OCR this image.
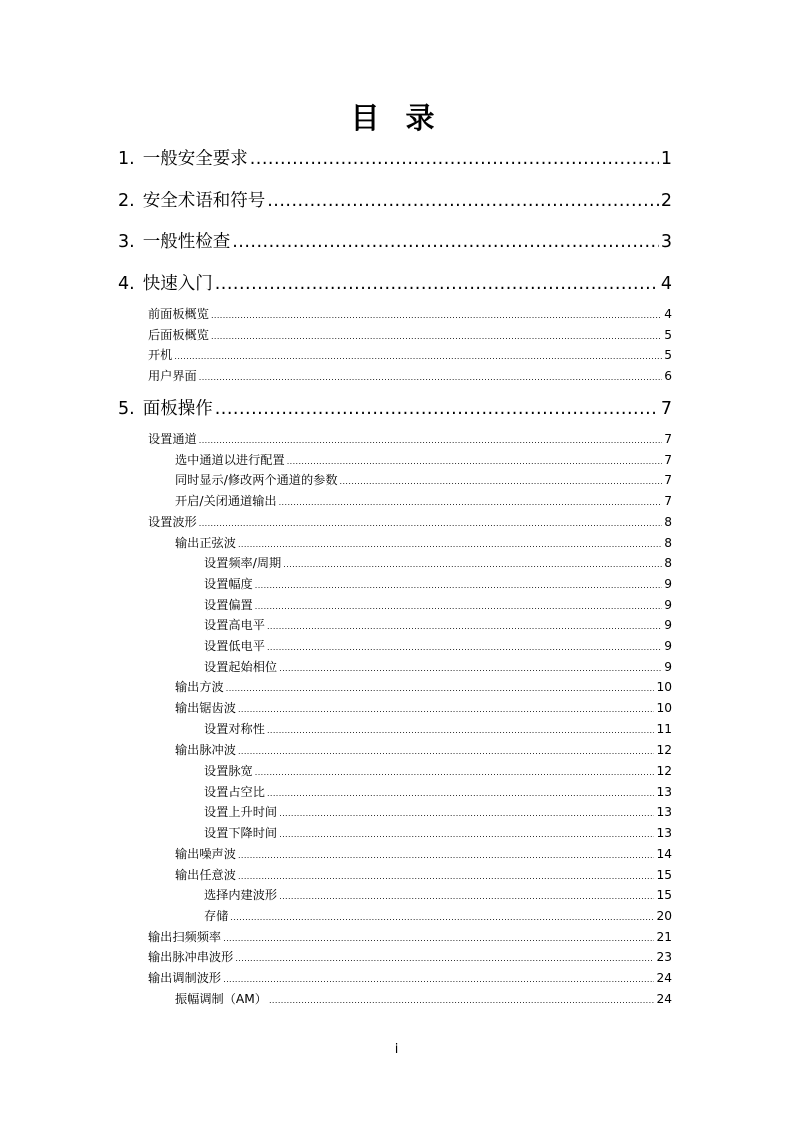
目 录
1. 一般安全要求 .....	1
2. 安全术语和符号 .....	2
3. 一般性检查 .....	3
4. 快速入门 .....	4
前面板概览 .....	4
后面板概览 .....	5
开机 .....	5
用户界面 .....	6
5. 面板操作 .....	7
设置通道 .....	7
选中通道以进行配置 .....	7
同时显示/修改两个通道的参数 .....	7
开启/关闭通道输出 .....	7
设置波形 .....	8
输出正弦波 .....	8
设置频率/周期 .....	8
设置幅度 .....	9
设置偏置 .....	9
设置高电平 .....	9
设置低电平 .....	9
设置起始相位 .....	9
输出方波 .....	10
输出锯齿波 .....	10
设置对称性 .....	11
输出脉冲波 .....	12
设置脉宽 .....	12
设置占空比 .....	13
设置上升时间 .....	13
设置下降时间 .....	13
输出噪声波 .....	14
输出任意波 .....	15
选择内建波形 .....	15
存储 .....	20
输出扫频频率 .....	21
输出脉冲串波形 .....	23
输出调制波形 .....	24
振幅调制（AM） .....	24
i
